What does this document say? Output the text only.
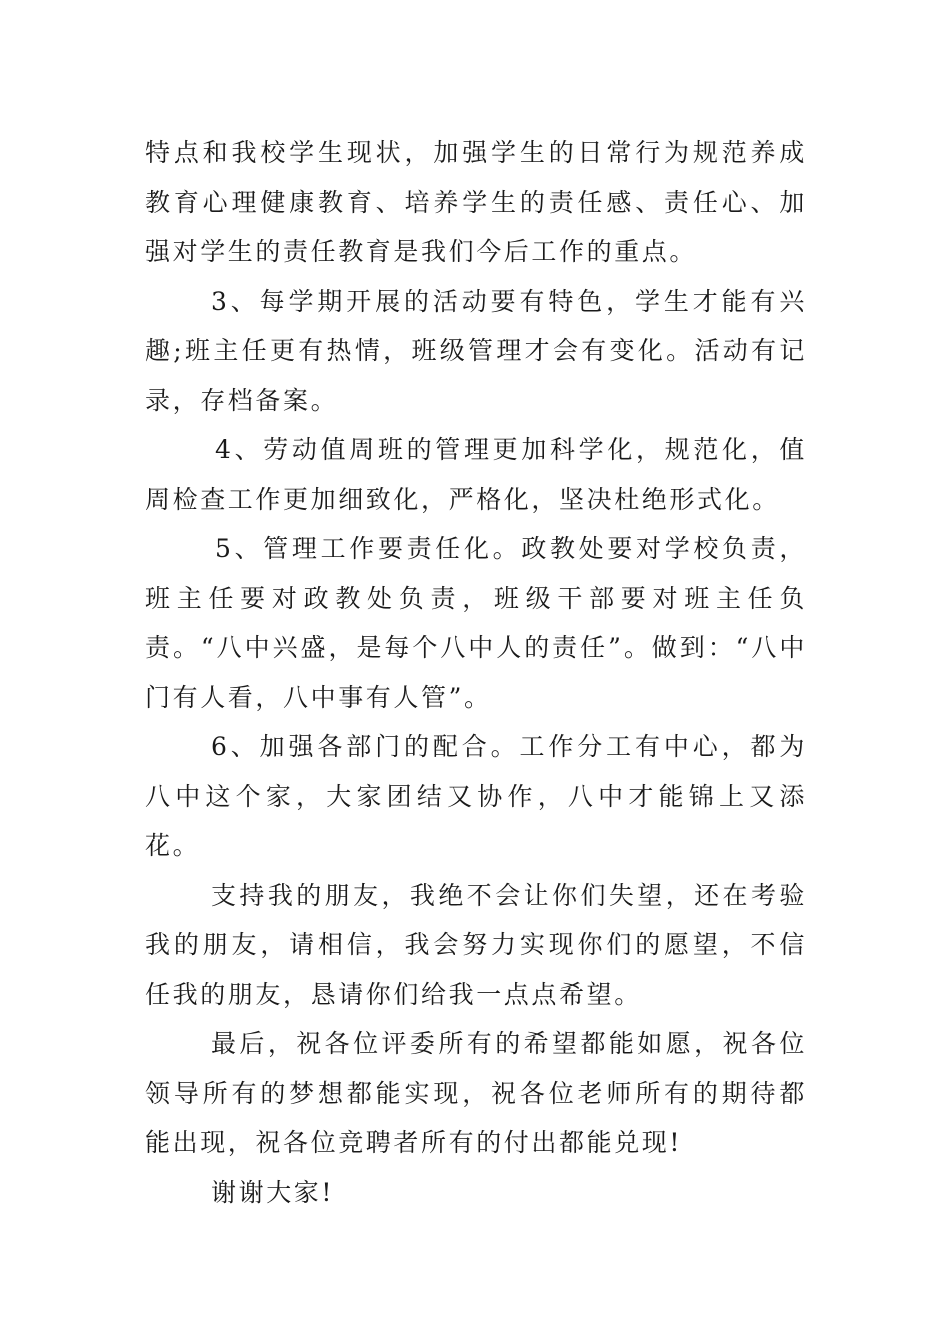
特点和我校学生现状，加强学生的日常行为规范养成教育心理健康教育、培养学生的责任感、责任心、加强对学生的责任教育是我们今后工作的重点。

3、每学期开展的活动要有特色，学生才能有兴趣;班主任更有热情，班级管理才会有变化。活动有记录，存档备案。

4、劳动值周班的管理更加科学化，规范化，值周检查工作更加细致化，严格化，坚决杜绝形式化。

5、管理工作要责任化。政教处要对学校负责，班主任要对政教处负责，班级干部要对班主任负责。“八中兴盛，是每个八中人的责任”。做到：“八中门有人看，八中事有人管”。

6、加强各部门的配合。工作分工有中心，都为八中这个家，大家团结又协作，八中才能锦上又添花。

支持我的朋友，我绝不会让你们失望，还在考验我的朋友，请相信，我会努力实现你们的愿望，不信任我的朋友，恳请你们给我一点点希望。

最后，祝各位评委所有的希望都能如愿，祝各位领导所有的梦想都能实现，祝各位老师所有的期待都能出现，祝各位竞聘者所有的付出都能兑现!

谢谢大家!
